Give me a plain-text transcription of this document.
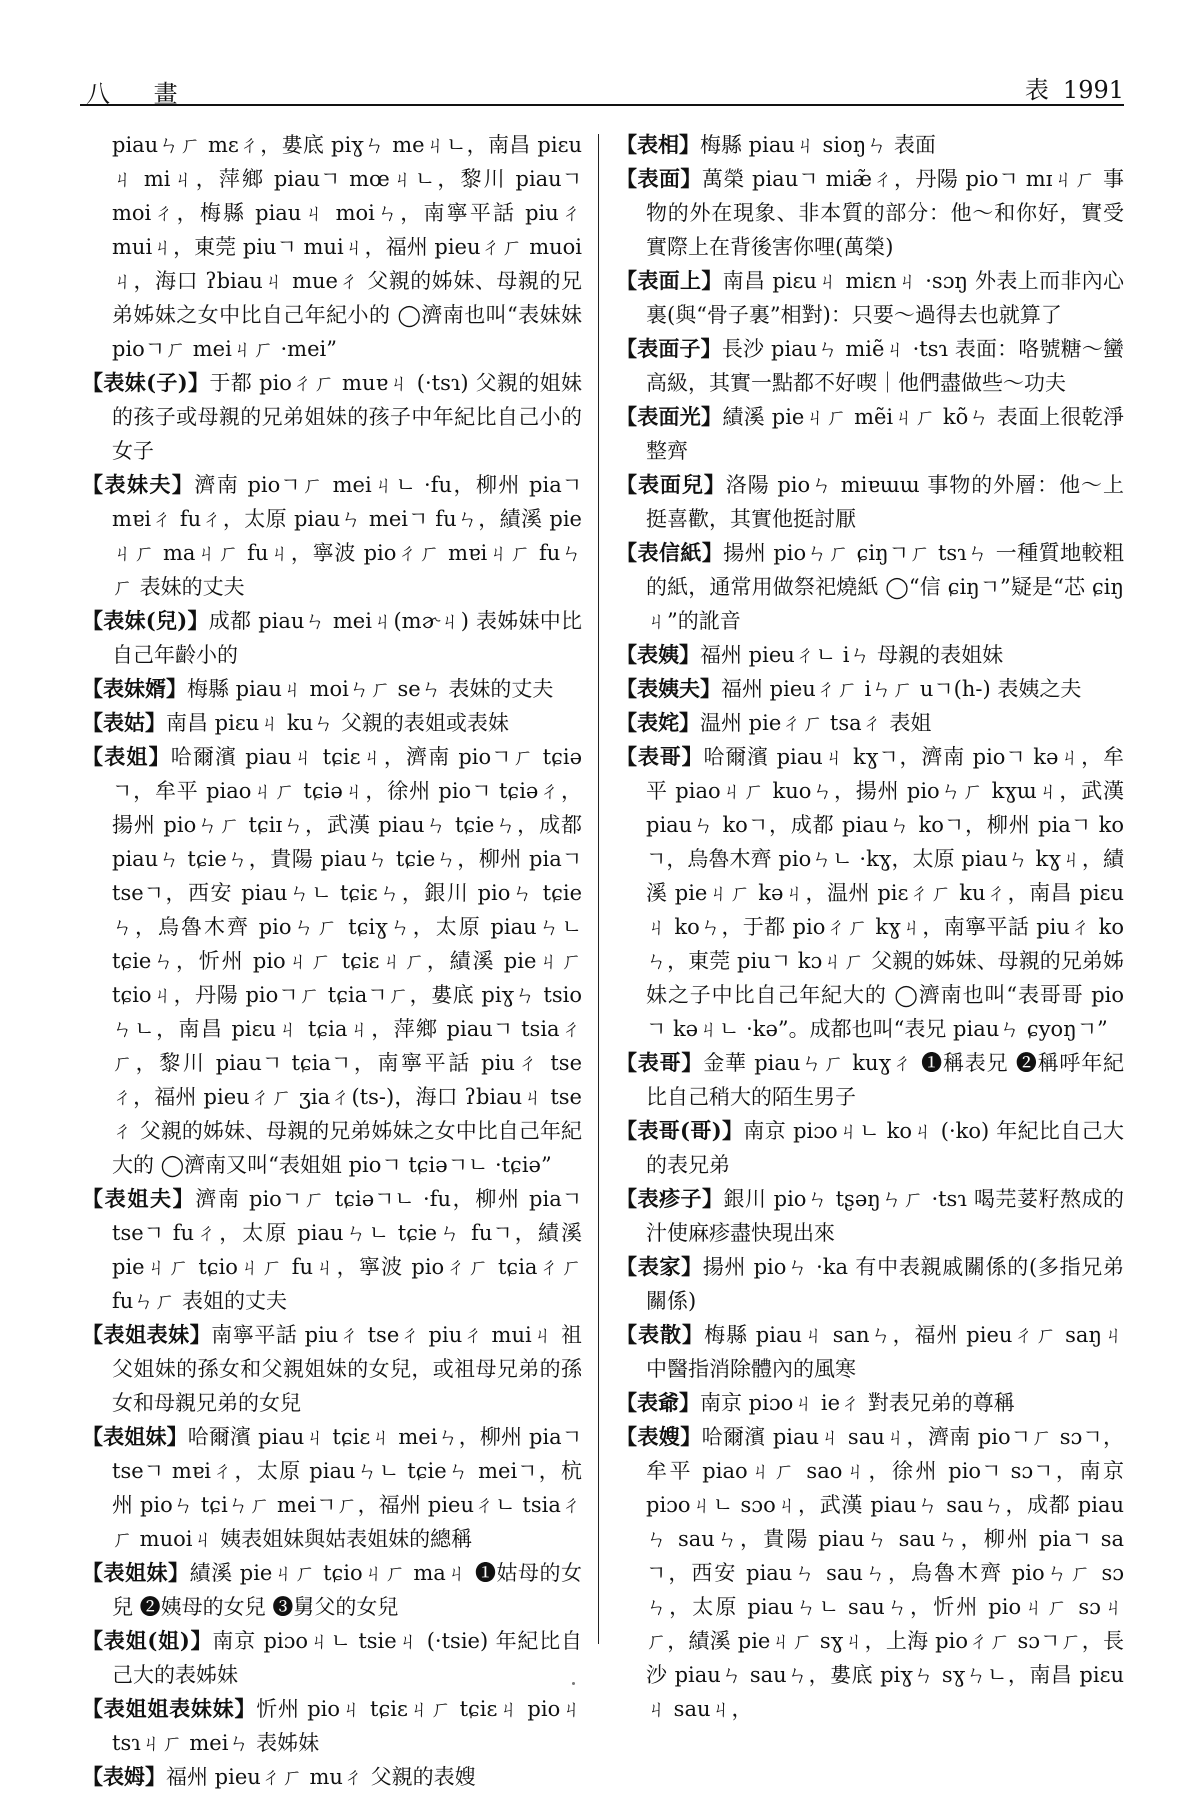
八 畫	表 1991
piauㄣㄏ mɛㄔ，婁底 piɣㄣ meㄐㄴ，南昌 piɛuㄐ miㄐ，萍鄉 piauㄱ mœㄐㄴ，黎川 piauㄱ moiㄔ，梅縣 piauㄐ moiㄣ，南寧平話 piuㄔ muiㄐ，東莞 piuㄱ muiㄐ，福州 pieuㄔㄏ muoiㄐ，海口 ʔbiauㄐ mueㄔ 父親的姊妹、母親的兄弟姊妹之女中比自己年紀小的 ◯濟南也叫“表妹妹 pioㄱㄏ meiㄐㄏ ·mei”
【表妹(子)】于都 pioㄔㄏ muɐㄐ (·tsɿ) 父親的姐妹的孩子或母親的兄弟姐妹的孩子中年紀比自己小的女子
【表妹夫】濟南 pioㄱㄏ meiㄐㄴ ·fu，柳州 piaㄱ mɐiㄔ fuㄔ，太原 piauㄣ meiㄱ fuㄣ，績溪 pieㄐㄏ maㄐㄏ fuㄐ，寧波 pioㄔㄏ mɐiㄐㄏ fuㄣㄏ 表妹的丈夫
【表妹(兒)】成都 piauㄣ meiㄐ(mɚㄐ) 表姊妹中比自己年齡小的
【表妹婿】梅縣 piauㄐ moiㄣㄏ seㄣ 表妹的丈夫
【表姑】南昌 piɛuㄐ kuㄣ 父親的表姐或表妹
【表姐】哈爾濱 piauㄐ tɕiɛㄐ，濟南 pioㄱㄏ tɕiəㄱ，牟平 piaoㄐㄏ tɕiəㄐ，徐州 pioㄱ tɕiəㄔ，揚州 pioㄣㄏ tɕiɪㄣ，武漢 piauㄣ tɕieㄣ，成都 piauㄣ tɕieㄣ，貴陽 piauㄣ tɕieㄣ，柳州 piaㄱ tseㄱ，西安 piauㄣㄴ tɕiɛㄣ，銀川 pioㄣ tɕieㄣ，烏魯木齊 pioㄣㄏ tɕiɣㄣ，太原 piauㄣㄴ tɕieㄣ，忻州 pioㄐㄏ tɕiɛㄐㄏ，績溪 pieㄐㄏ tɕioㄐ，丹陽 pioㄱㄏ tɕiaㄱㄏ，婁底 piɣㄣ tsioㄣㄴ，南昌 piɛuㄐ tɕiaㄐ，萍鄉 piauㄱ tsiaㄔㄏ，黎川 piauㄱ tɕiaㄱ，南寧平話 piuㄔ tseㄔ，福州 pieuㄔㄏ ʒiaㄔ(ts-)，海口 ʔbiauㄐ tseㄔ 父親的姊妹、母親的兄弟姊妹之女中比自己年紀大的 ◯濟南又叫“表姐姐 pioㄱ tɕiəㄱㄴ ·tɕiə”
【表姐夫】濟南 pioㄱㄏ tɕiəㄱㄴ ·fu，柳州 piaㄱ tseㄱ fuㄔ，太原 piauㄣㄴ tɕieㄣ fuㄱ，績溪 pieㄐㄏ tɕioㄐㄏ fuㄐ，寧波 pioㄔㄏ tɕiaㄔㄏ fuㄣㄏ 表姐的丈夫
【表姐表妹】南寧平話 piuㄔ tseㄔ piuㄔ muiㄐ 祖父姐妹的孫女和父親姐妹的女兒，或祖母兄弟的孫女和母親兄弟的女兒
【表姐妹】哈爾濱 piauㄐ tɕiɛㄐ meiㄣ，柳州 piaㄱ tseㄱ mɐiㄔ，太原 piauㄣㄴ tɕieㄣ meiㄱ，杭州 pioㄣ tɕiㄣㄏ meiㄱㄏ，福州 pieuㄔㄴ tsiaㄔㄏ muoiㄐ 姨表姐妹與姑表姐妹的總稱
【表姐妹】績溪 pieㄐㄏ tɕioㄐㄏ maㄐ ❶姑母的女兒 ❷姨母的女兒 ❸舅父的女兒
【表姐(姐)】南京 piɔoㄐㄴ tsieㄐ (·tsie) 年紀比自己大的表姊妹
【表姐姐表妹妹】忻州 pioㄐ tɕiɛㄐㄏ tɕiɛㄐ pioㄐ tsɿㄐㄏ meiㄣ 表姊妹
【表姆】福州 pieuㄔㄏ muㄔ 父親的表嫂
【表相】梅縣 piauㄐ sioŋㄣ 表面
【表面】萬榮 piauㄱ miæ̃ㄔ，丹陽 pioㄱ mɪㄐㄏ 事物的外在現象、非本質的部分：他～和你好，實受實際上在背後害你哩(萬榮)
【表面上】南昌 piɛuㄐ miɛnㄐ ·sɔŋ 外表上而非內心裏(與“骨子裏”相對)：只要～過得去也就算了
【表面子】長沙 piauㄣ miẽㄐ ·tsɿ 表面：咯號糖～蠻高級，其實一點都不好喫｜他們盡做些～功夫
【表面光】績溪 pieㄐㄏ mẽiㄐㄏ kõㄣ 表面上很乾淨整齊
【表面兒】洛陽 pioㄣ miɐɯɯ 事物的外層：他～上挺喜歡，其實他挺討厭
【表信紙】揚州 pioㄣㄏ ɕiŋㄱㄏ tsɿㄣ 一種質地較粗的紙，通常用做祭祀燒紙 ◯“信 ɕiŋㄱ”疑是“芯 ɕiŋㄐ”的訛音
【表姨】福州 pieuㄔㄴ iㄣ 母親的表姐妹
【表姨夫】福州 pieuㄔㄏ iㄣㄏ uㄱ(h-) 表姨之夫
【表姹】温州 pieㄔㄏ tsaㄔ 表姐
【表哥】哈爾濱 piauㄐ kɣㄱ，濟南 pioㄱ kəㄐ，牟平 piaoㄐㄏ kuoㄣ，揚州 pioㄣㄏ kɣɯㄐ，武漢 piauㄣ koㄱ，成都 piauㄣ koㄱ，柳州 piaㄱ koㄱ，烏魯木齊 pioㄣㄴ ·kɣ，太原 piauㄣ kɣㄐ，績溪 pieㄐㄏ kəㄐ，温州 piɛㄔㄏ kuㄔ，南昌 piɛuㄐ koㄣ，于都 pioㄔㄏ kɣㄐ，南寧平話 piuㄔ koㄣ，東莞 piuㄱ kɔㄐㄏ 父親的姊妹、母親的兄弟姊妹之子中比自己年紀大的 ◯濟南也叫“表哥哥 pioㄱ kəㄐㄴ ·kə”。成都也叫“表兄 piauㄣ ɕyoŋㄱ”
【表哥】金華 piauㄣㄏ kuɣㄔ ❶稱表兄 ❷稱呼年紀比自己稍大的陌生男子
【表哥(哥)】南京 piɔoㄐㄴ koㄐ (·ko) 年紀比自己大的表兄弟
【表疹子】銀川 pioㄣ tʂəŋㄣㄏ ·tsɿ 喝芫荽籽熬成的汁使麻疹盡快現出來
【表家】揚州 pioㄣ ·ka 有中表親戚關係的(多指兄弟關係)
【表散】梅縣 piauㄐ sanㄣ，福州 pieuㄔㄏ saŋㄐ 中醫指消除體內的風寒
【表爺】南京 piɔoㄐ ieㄔ 對表兄弟的尊稱
【表嫂】哈爾濱 piauㄐ sauㄐ，濟南 pioㄱㄏ sɔㄱ，牟平 piaoㄐㄏ saoㄐ，徐州 pioㄱ sɔㄱ，南京 piɔoㄐㄴ sɔoㄐ，武漢 piauㄣ sauㄣ，成都 piauㄣ sauㄣ，貴陽 piauㄣ sauㄣ，柳州 piaㄱ saㄱ，西安 piauㄣ sauㄣ，烏魯木齊 pioㄣㄏ sɔㄣ，太原 piauㄣㄴ sauㄣ，忻州 pioㄐㄏ sɔㄐㄏ，績溪 pieㄐㄏ sɣㄐ，上海 pioㄔㄏ sɔㄱㄏ，長沙 piauㄣ sauㄣ，婁底 piɣㄣ sɣㄣㄴ，南昌 piɛuㄐ sauㄐ，
